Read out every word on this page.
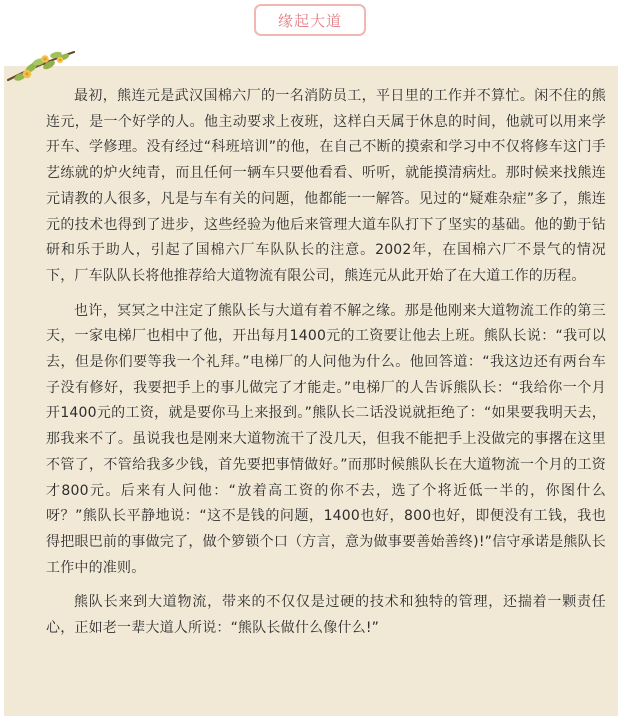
缘起大道

最初，熊连元是武汉国棉六厂的一名消防员工，平日里的工作并不算忙。闲不住的熊连元，是一个好学的人。他主动要求上夜班，这样白天属于休息的时间，他就可以用来学开车、学修理。没有经过“科班培训”的他，在自己不断的摸索和学习中不仅将修车这门手艺练就的炉火纯青，而且任何一辆车只要他看看、听听，就能摸清病灶。那时候来找熊连元请教的人很多，凡是与车有关的问题，他都能一一解答。见过的“疑难杂症”多了，熊连元的技术也得到了进步，这些经验为他后来管理大道车队打下了坚实的基础。他的勤于钻研和乐于助人，引起了国棉六厂车队队长的注意。2002年，在国棉六厂不景气的情况下，厂车队队长将他推荐给大道物流有限公司，熊连元从此开始了在大道工作的历程。

也许，冥冥之中注定了熊队长与大道有着不解之缘。那是他刚来大道物流工作的第三天，一家电梯厂也相中了他，开出每月1400元的工资要让他去上班。熊队长说：“我可以去，但是你们要等我一个礼拜。”电梯厂的人问他为什么。他回答道：“我这边还有两台车子没有修好，我要把手上的事儿做完了才能走。”电梯厂的人告诉熊队长：“我给你一个月开1400元的工资，就是要你马上来报到。”熊队长二话没说就拒绝了：“如果要我明天去，那我来不了。虽说我也是刚来大道物流干了没几天，但我不能把手上没做完的事撂在这里不管了，不管给我多少钱，首先要把事情做好。”而那时候熊队长在大道物流一个月的工资才800元。后来有人问他：“放着高工资的你不去，选了个将近低一半的，你图什么呀？”熊队长平静地说：“这不是钱的问题，1400也好，800也好，即便没有工钱，我也得把眼巴前的事做完了，做个箩锁个口（方言，意为做事要善始善终)!”信守承诺是熊队长工作中的准则。

熊队长来到大道物流，带来的不仅仅是过硬的技术和独特的管理，还揣着一颗责任心，正如老一辈大道人所说：“熊队长做什么像什么!”
